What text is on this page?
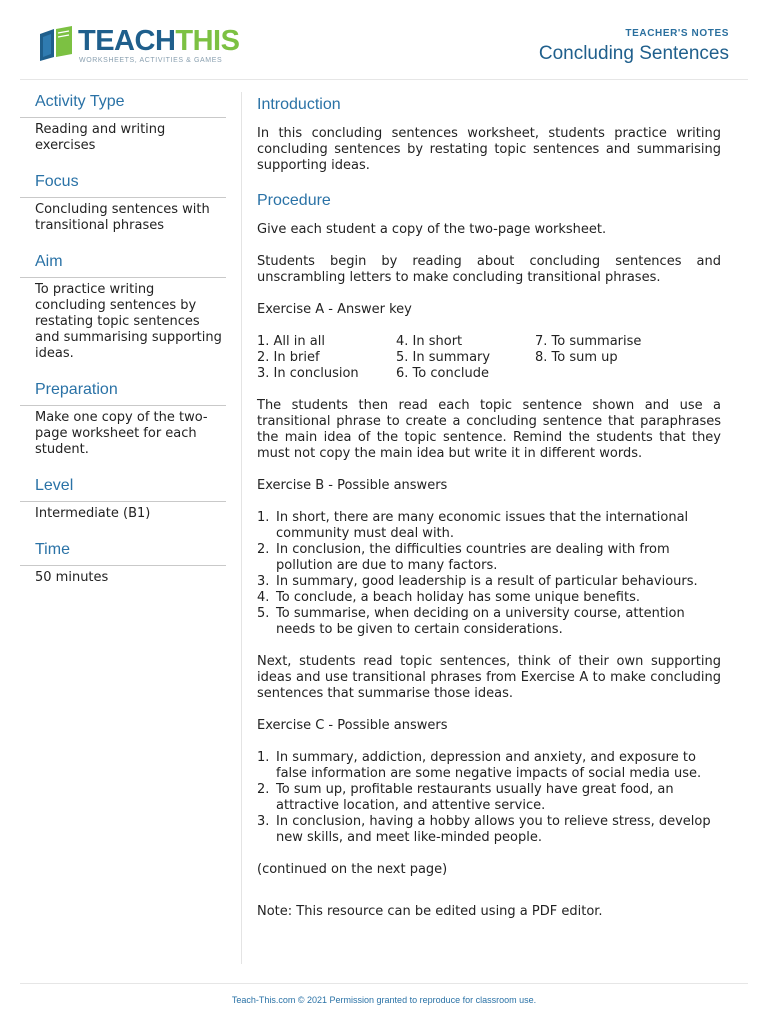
TEACHTHIS
WORKSHEETS, ACTIVITIES & GAMES
TEACHER'S NOTES
Concluding Sentences
Activity Type
Reading and writing exercises
Focus
Concluding sentences with transitional phrases
Aim
To practice writing concluding sentences by restating topic sentences and summarising supporting ideas.
Preparation
Make one copy of the two-page worksheet for each student.
Level
Intermediate (B1)
Time
50 minutes
Introduction

In this concluding sentences worksheet, students practice writing concluding sentences by restating topic sentences and summarising supporting ideas.

Procedure

Give each student a copy of the two-page worksheet.

Students begin by reading about concluding sentences and unscrambling letters to make concluding transitional phrases.

Exercise A - Answer key

1. All in all	4. In short	7. To summarise
2. In brief	5. In summary	8. To sum up
3. In conclusion	6. To conclude

The students then read each topic sentence shown and use a transitional phrase to create a concluding sentence that paraphrases the main idea of the topic sentence. Remind the students that they must not copy the main idea but write it in different words.

Exercise B - Possible answers

1. In short, there are many economic issues that the international community must deal with.
2. In conclusion, the difficulties countries are dealing with from pollution are due to many factors.
3. In summary, good leadership is a result of particular behaviours.
4. To conclude, a beach holiday has some unique benefits.
5. To summarise, when deciding on a university course, attention needs to be given to certain considerations.

Next, students read topic sentences, think of their own supporting ideas and use transitional phrases from Exercise A to make concluding sentences that summarise those ideas.

Exercise C - Possible answers

1. In summary, addiction, depression and anxiety, and exposure to false information are some negative impacts of social media use.
2. To sum up, profitable restaurants usually have great food, an attractive location, and attentive service.
3. In conclusion, having a hobby allows you to relieve stress, develop new skills, and meet like-minded people.

(continued on the next page)

Note: This resource can be edited using a PDF editor.

Teach-This.com © 2021 Permission granted to reproduce for classroom use.
